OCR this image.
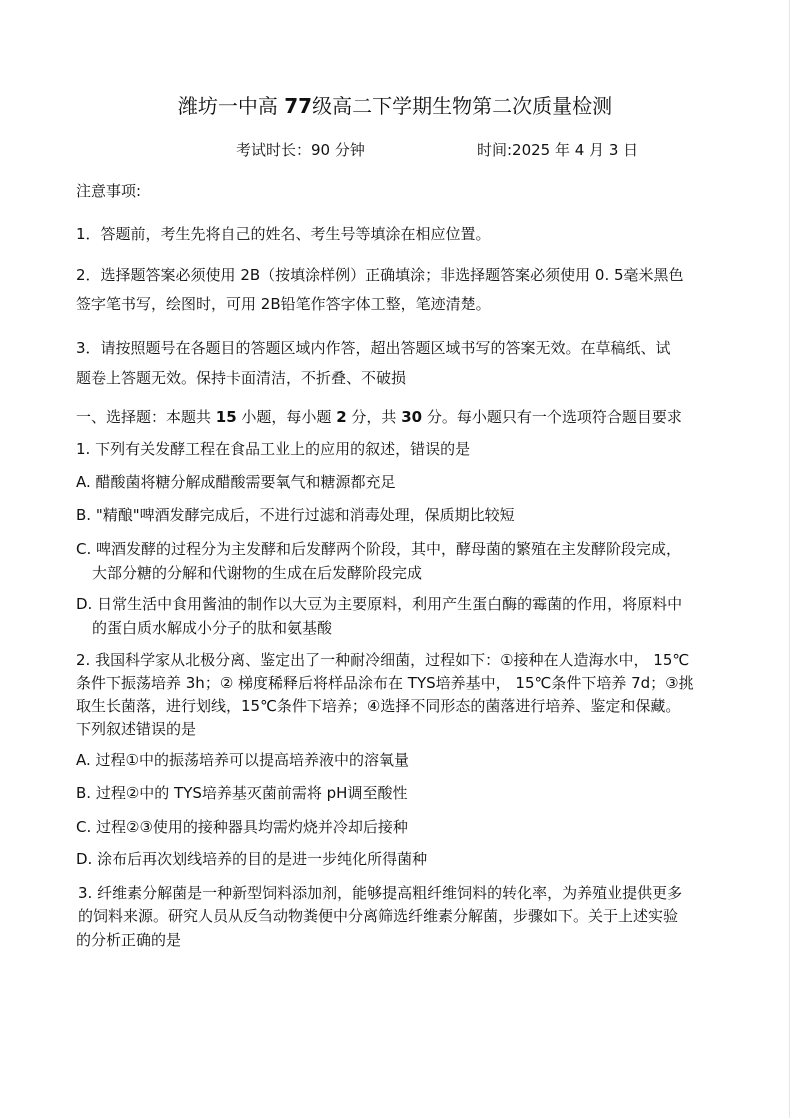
潍坊一中高 77级高二下学期生物第二次质量检测
考试时长：90 分钟	时间:2025 年 4 月 3 日
注意事项:
1．答题前，考生先将自己的姓名、考生号等填涂在相应位置。
2．选择题答案必须使用 2B（按填涂样例）正确填涂；非选择题答案必须使用 0. 5毫米黑色
签字笔书写，绘图时，可用 2B铅笔作答字体工整，笔迹清楚。
3．请按照题号在各题目的答题区域内作答，超出答题区域书写的答案无效。在草稿纸、试
题卷上答题无效。保持卡面清洁，不折叠、不破损
一、选择题：本题共 15 小题，每小题 2 分，共 30 分。每小题只有一个选项符合题目要求
1. 下列有关发酵工程在食品工业上的应用的叙述，错误的是
A. 醋酸菌将糖分解成醋酸需要氧气和糖源都充足
B. "精酿"啤酒发酵完成后，不进行过滤和消毒处理，保质期比较短
C. 啤酒发酵的过程分为主发酵和后发酵两个阶段，其中，酵母菌的繁殖在主发酵阶段完成，
大部分糖的分解和代谢物的生成在后发酵阶段完成
D. 日常生活中食用酱油的制作以大豆为主要原料，利用产生蛋白酶的霉菌的作用，将原料中
的蛋白质水解成小分子的肽和氨基酸
2. 我国科学家从北极分离、鉴定出了一种耐冷细菌，过程如下：①接种在人造海水中， 15℃
条件下振荡培养 3h；② 梯度稀释后将样品涂布在 TYS培养基中， 15℃条件下培养 7d；③挑
取生长菌落，进行划线，15℃条件下培养；④选择不同形态的菌落进行培养、鉴定和保藏。
下列叙述错误的是
A. 过程①中的振荡培养可以提高培养液中的溶氧量
B. 过程②中的 TYS培养基灭菌前需将 pH调至酸性
C. 过程②③使用的接种器具均需灼烧并冷却后接种
D. 涂布后再次划线培养的目的是进一步纯化所得菌种
3. 纤维素分解菌是一种新型饲料添加剂，能够提高粗纤维饲料的转化率，为养殖业提供更多
的饲料来源。研究人员从反刍动物粪便中分离筛选纤维素分解菌，步骤如下。关于上述实验
的分析正确的是
